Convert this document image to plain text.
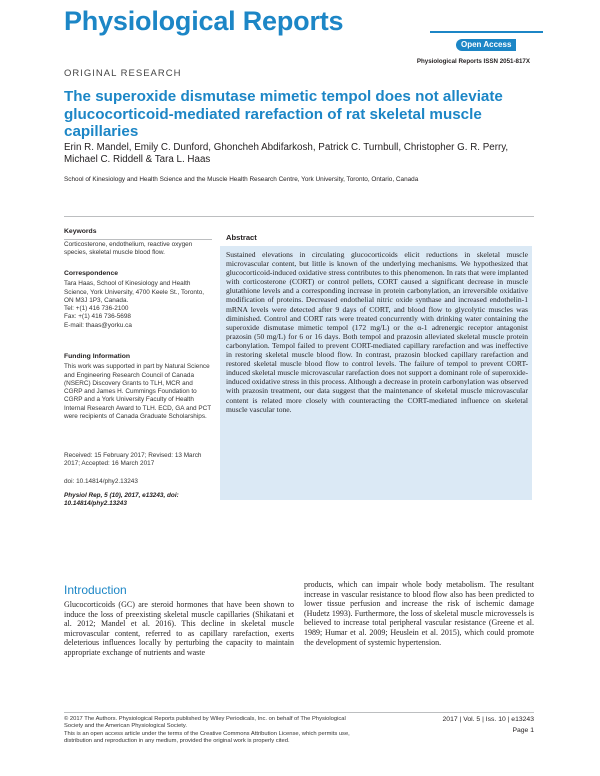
Physiological Reports
Open Access
Physiological Reports ISSN 2051-817X
ORIGINAL RESEARCH
The superoxide dismutase mimetic tempol does not alleviate glucocorticoid-mediated rarefaction of rat skeletal muscle capillaries
Erin R. Mandel, Emily C. Dunford, Ghoncheh Abdifarkosh, Patrick C. Turnbull, Christopher G. R. Perry, Michael C. Riddell & Tara L. Haas
School of Kinesiology and Health Science and the Muscle Health Research Centre, York University, Toronto, Ontario, Canada
Keywords
Corticosterone, endothelium, reactive oxygen species, skeletal muscle blood flow.
Correspondence
Tara Haas, School of Kinesiology and Health Science, York University, 4700 Keele St., Toronto, ON M3J 1P3, Canada.
Tel: +(1) 416 736-2100
Fax: +(1) 416 736-5698
E-mail: thaas@yorku.ca
Funding Information
This work was supported in part by Natural Science and Engineering Research Council of Canada (NSERC) Discovery Grants to TLH, MCR and CGRP and James H. Cummings Foundation to CGRP and a York University Faculty of Health Internal Research Award to TLH. ECD, GA and PCT were recipients of Canada Graduate Scholarships.
Received: 15 February 2017; Revised: 13 March 2017; Accepted: 16 March 2017
doi: 10.14814/phy2.13243
Physiol Rep, 5 (10), 2017, e13243, doi: 10.14814/phy2.13243
Abstract
Sustained elevations in circulating glucocorticoids elicit reductions in skeletal muscle microvascular content, but little is known of the underlying mechanisms. We hypothesized that glucocorticoid-induced oxidative stress contributes to this phenomenon. In rats that were implanted with corticosterone (CORT) or control pellets, CORT caused a significant decrease in muscle glutathione levels and a corresponding increase in protein carbonylation, an irreversible oxidative modification of proteins. Decreased endothelial nitric oxide synthase and increased endothelin-1 mRNA levels were detected after 9 days of CORT, and blood flow to glycolytic muscles was diminished. Control and CORT rats were treated concurrently with drinking water containing the superoxide dismutase mimetic tempol (172 mg/L) or the α-1 adrenergic receptor antagonist prazosin (50 mg/L) for 6 or 16 days. Both tempol and prazosin alleviated skeletal muscle protein carbonylation. Tempol failed to prevent CORT-mediated capillary rarefaction and was ineffective in restoring skeletal muscle blood flow. In contrast, prazosin blocked capillary rarefaction and restored skeletal muscle blood flow to control levels. The failure of tempol to prevent CORT-induced skeletal muscle microvascular rarefaction does not support a dominant role of superoxide-induced oxidative stress in this process. Although a decrease in protein carbonylation was observed with prazosin treatment, our data suggest that the maintenance of skeletal muscle microvascular content is related more closely with counteracting the CORT-mediated influence on skeletal muscle vascular tone.
Introduction
Glucocorticoids (GC) are steroid hormones that have been shown to induce the loss of preexisting skeletal muscle capillaries (Shikatani et al. 2012; Mandel et al. 2016). This decline in skeletal muscle microvascular content, referred to as capillary rarefaction, exerts deleterious influences locally by perturbing the capacity to maintain appropriate exchange of nutrients and waste
products, which can impair whole body metabolism. The resultant increase in vascular resistance to blood flow also has been predicted to lower tissue perfusion and increase the risk of ischemic damage (Hudetz 1993). Furthermore, the loss of skeletal muscle microvessels is believed to increase total peripheral vascular resistance (Greene et al. 1989; Humar et al. 2009; Heuslein et al. 2015), which could promote the development of systemic hypertension.
© 2017 The Authors. Physiological Reports published by Wiley Periodicals, Inc. on behalf of The Physiological Society and the American Physiological Society.
This is an open access article under the terms of the Creative Commons Attribution License, which permits use, distribution and reproduction in any medium, provided the original work is properly cited.
2017 | Vol. 5 | Iss. 10 | e13243
Page 1
